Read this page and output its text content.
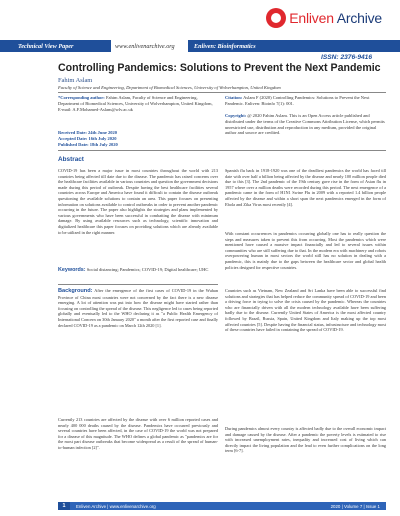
Enliven Archive
Technical View Paper	www.enlivenarchive.org	Enliven: Bioinformatics
ISSN: 2376-9416
Controlling Pandemics: Solutions to Prevent the Next Pandemic
Fahim Aslam
Faculty of Science and Engineering, Department of Biomedical Sciences, University of Wolverhampton, United Kingdom
*Corresponding author: Fahim Aslam, Faculty of Science and Engineering, Department of Biomedical Sciences, University of Wolverhampton, United Kingdom, E-mail: A.F.Mohamed-Aslam@wlv.ac.uk
Received Date: 24th June 2020
Accepted Date: 16th July 2020
Published Date: 18th July 2020
Citation: Aslam F (2020) Controlling Pandemics: Solutions to Prevent the Next Pandemic. Enliven: Bioinfo 7(1): 001.
Copyright: @ 2020 Fahim Aslam. This is an Open Access article published and distributed under the terms of the Creative Commons Attribution License, which permits unrestricted use, distribution and reproduction in any medium, provided the original author and source are credited.
Abstract
COVID-19 has been a major issue in most countries throughout the world with 213 countries being affected till date due to the disease. The pandemic has raised concerns over the healthcare facilities available in various countries and question the government decisions made during this period of outbreak. Despite having the best healthcare facilities several countries across Europe and America have found it difficult to contain the disease outbreak questioning the available solutions to contain an area. This paper focuses on presenting information on solutions available to control outbreaks in order to prevent another pandemic occurring in the future. The paper also highlights the strategies and plans implemented by various governments who have been successful in combatting the disease with minimum damage. By using available resources such as technology, scientific innovation and digitalized healthcare this paper focuses on providing solutions which are already available to be utilized in the right manner.
Keywords: Social distancing; Pandemics; COVID-19; Digital healthcare; UHC
Background: After the emergence of the first cases of COVID-19 in the Wuhan Province of China most countries were not concerned by the fact there is a new disease emerging. A lot of attention was put into how the disease might have started rather than focusing on controlling the spread of the disease. This negligence led to cases being reported globally and eventually led to the WHO declaring it as "a Public Health Emergency of International Concern on 30th January 2020" a month after the first reported case and finally declared COVID-19 as a pandemic on March 12th 2020 [1].
Currently 213 countries are affected by the disease with over 6 million reported cases and nearly 400 000 deaths caused by the disease. Pandemics have occurred previously and several countries have been affected, in the case of COVID-19 the world was not prepared for a disease of this magnitude. The WHO defines a global pandemic as "pandemics are for the most part disease outbreaks that become widespread as a result of the spread of human-to-human infection [2]".
Spanish flu back in 1918-1920 was one of the deadliest pandemics the world has faced till date with over half a billion being affected by the disease and nearly 100 million people died due to this [3]. The 2nd pandemic of the 19th century gave rise in the form of Asian flu in 1957 where over a million deaths were recorded during this period. The next emergence of a pandemic came in the form of H1N1 Swine Flu in 2009 with a reported 1.4 billion people affected by the disease and within a short span the next pandemics emerged in the form of Ebola and Zika Virus most recently [4].
With constant occurrences in pandemics occurring globally one has to really question the steps and measures taken to prevent this from occurring. Most the pandemics which were mentioned have caused a massive impact financially and led to several issues within communities who are still suffering due to that. In the modern era with machinery and robots overpowering human in most sectors the world still has no solution in dealing with a pandemic, this is mainly due to the gaps between the healthcare sector and global health policies designed for respective countries.
Countries such as Vietnam, New Zealand and Sri Lanka have been able to successful find solutions and strategies that has helped reduce the community spread of COVID-19 and been a driving force in trying to solve the crisis caused by the pandemic. Whereas the countries who are financially driven with all the modern technology available have been suffering badly due to the disease. Currently United States of America is the most affected country followed by Brazil, Russia, Spain, United Kingdom and Italy making up the top most affected countries [5]. Despite having the financial status, infrastructure and technology most of these countries have failed in containing the spread of COVID-19.
During pandemics almost every country is affected badly due to the overall economic impact and damage caused by the disease. After a pandemic the poverty levels is estimated to rise with increased unemployment rates, inequality and increased cost of living which can directly impact the living population and the lead to even further complications on the long term [6-7].
1	Enliven Archive | www.enlivenarchive.org	2020 | Volume 7 | Issue 1
